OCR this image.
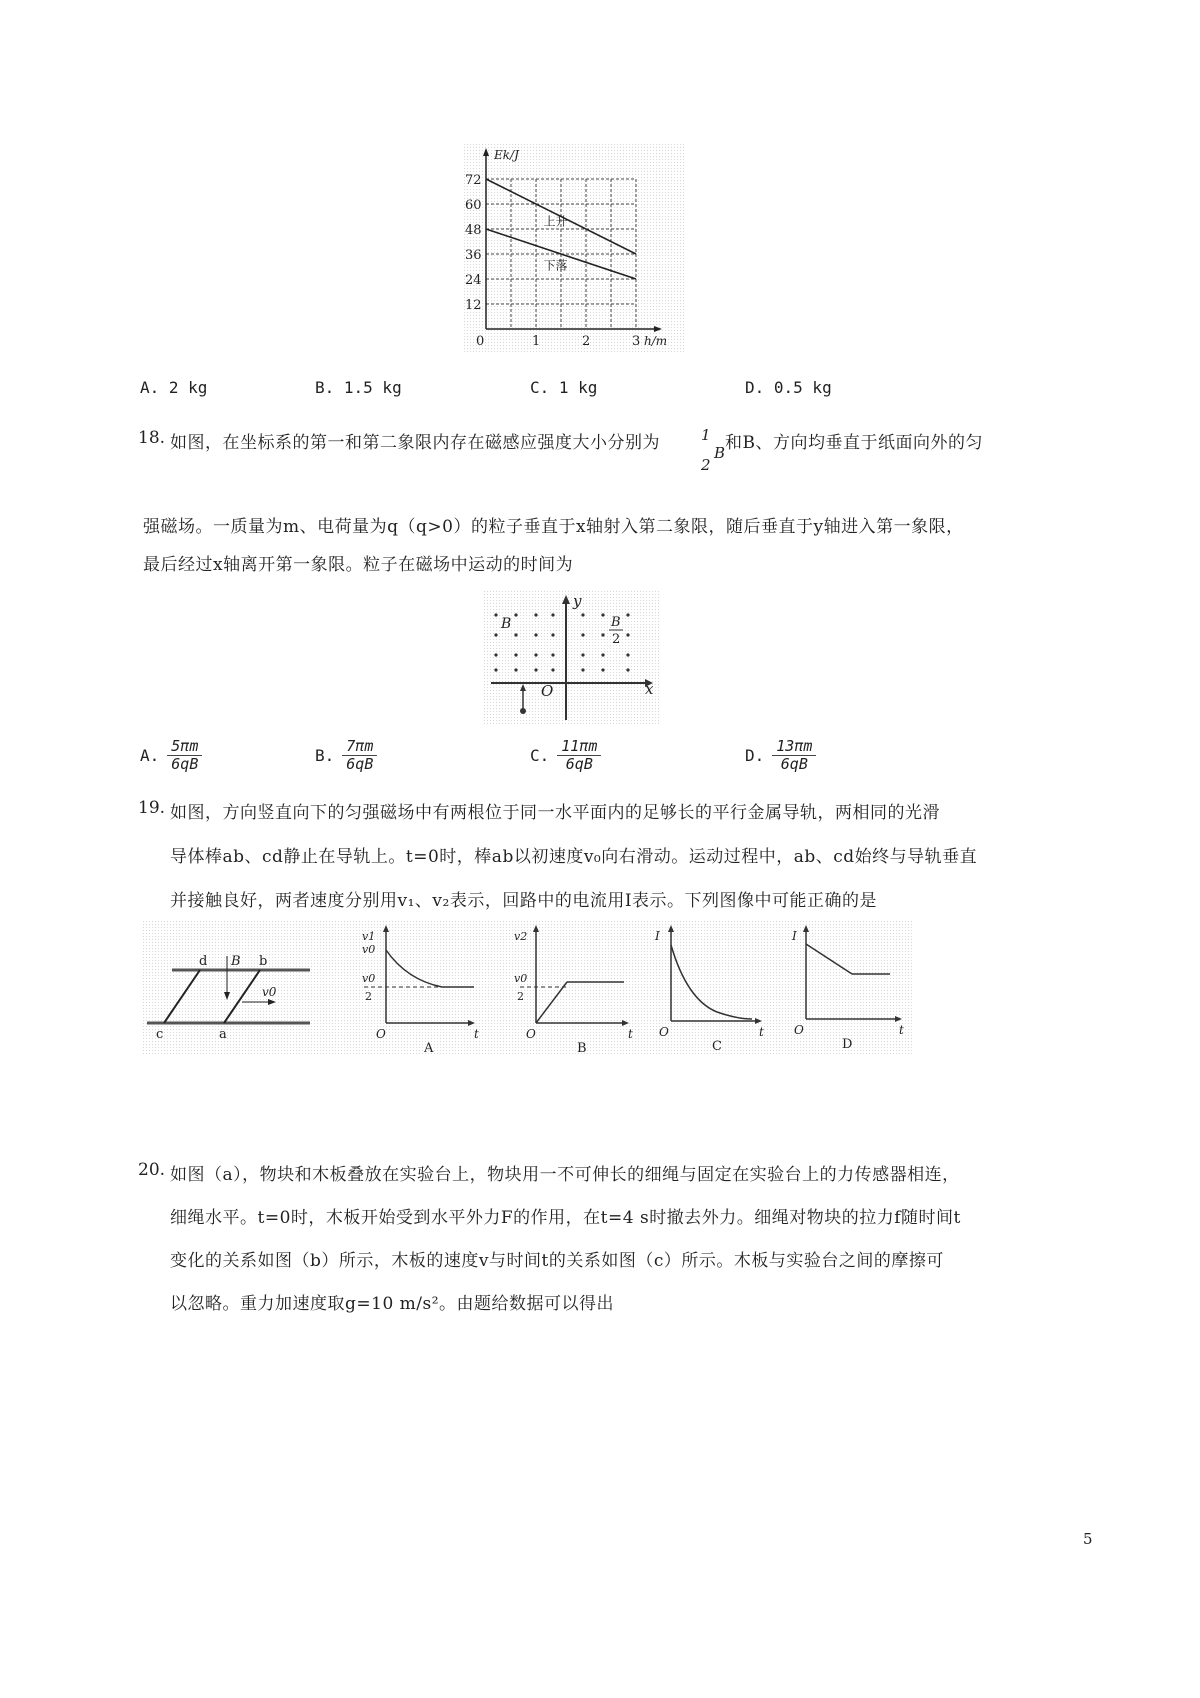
12
24
36
48
60
72
0	1	2	3
Ek/J
h/m
上升
下落
A. 2 kg	B. 1.5 kg	C. 1 kg	D. 0.5 kg
18. 如图，在坐标系的第一和第二象限内存在磁感应强度大小分别为	1
2
B 和B、方向均垂直于纸面向外的匀
强磁场。一质量为m、电荷量为q（q>0）的粒子垂直于x轴射入第二象限，随后垂直于y轴进入第一象限，
最后经过x轴离开第一象限。粒子在磁场中运动的时间为
y
x
O
B	B
2
A. $\frac{5\pi m}{6qB}$	B. $\frac{7\pi m}{6qB}$	C. $\frac{11\pi m}{6qB}$	D. $\frac{13\pi m}{6qB}$
19. 如图，方向竖直向下的匀强磁场中有两根位于同一水平面内的足够长的平行金属导轨，两相同的光滑
导体棒ab、cd静止在导轨上。t=0时，棒ab以初速度v₀向右滑动。运动过程中，ab、cd始终与导轨垂直
并接触良好，两者速度分别用v₁、v₂表示，回路中的电流用I表示。下列图像中可能正确的是
d B b
c	a
v0
v1
v0
v0
2
O	t
A
v2
v0
2
O	t
B
I
O	t
C
I
O	t
D
20. 如图（a），物块和木板叠放在实验台上，物块用一不可伸长的细绳与固定在实验台上的力传感器相连，
细绳水平。t=0时，木板开始受到水平外力F的作用，在t=4 s时撤去外力。细绳对物块的拉力f随时间t
变化的关系如图（b）所示，木板的速度v与时间t的关系如图（c）所示。木板与实验台之间的摩擦可
以忽略。重力加速度取g=10 m/s²。由题给数据可以得出
5
